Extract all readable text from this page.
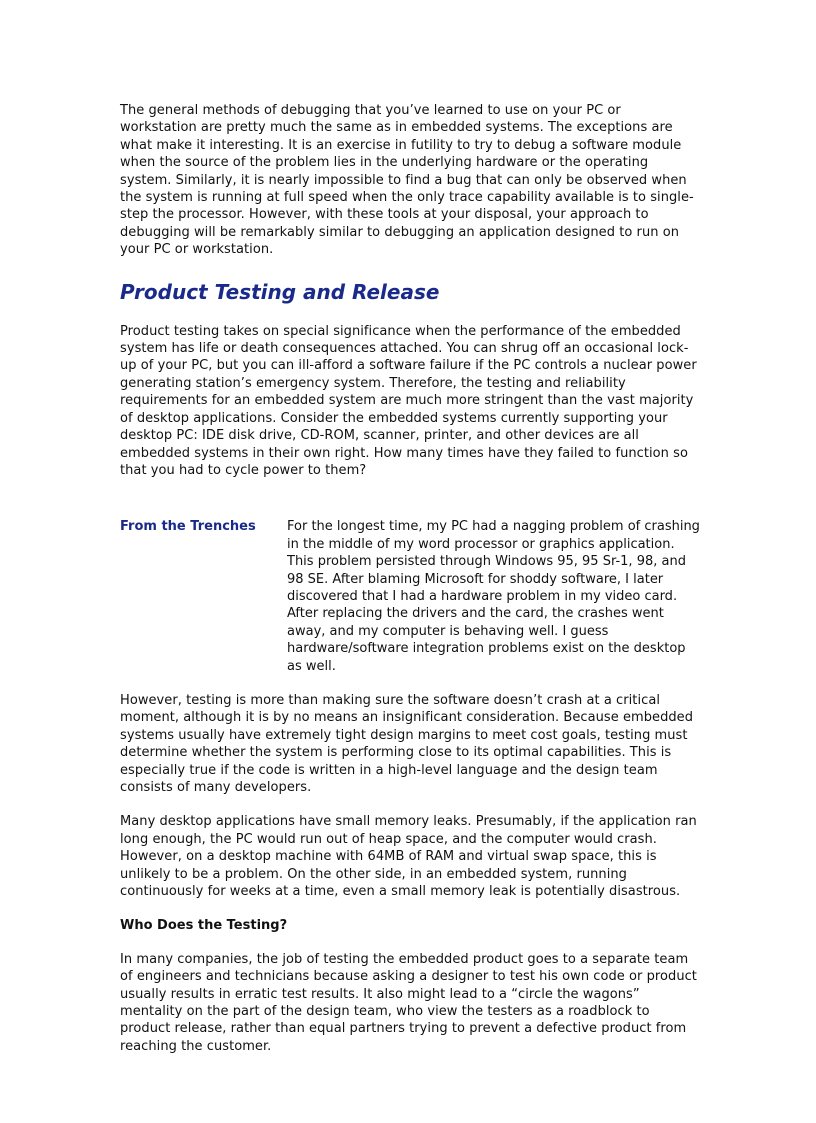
The general methods of debugging that you’ve learned to use on your PC or workstation are pretty much the same as in embedded systems. The exceptions are what make it interesting. It is an exercise in futility to try to debug a software module when the source of the problem lies in the underlying hardware or the operating system. Similarly, it is nearly impossible to find a bug that can only be observed when the system is running at full speed when the only trace capability available is to single-step the processor. However, with these tools at your disposal, your approach to debugging will be remarkably similar to debugging an application designed to run on your PC or workstation.

Product Testing and Release

Product testing takes on special significance when the performance of the embedded system has life or death consequences attached. You can shrug off an occasional lock-up of your PC, but you can ill-afford a software failure if the PC controls a nuclear power generating station’s emergency system. Therefore, the testing and reliability requirements for an embedded system are much more stringent than the vast majority of desktop applications. Consider the embedded systems currently supporting your desktop PC: IDE disk drive, CD-ROM, scanner, printer, and other devices are all embedded systems in their own right. How many times have they failed to function so that you had to cycle power to them?

From the Trenches	For the longest time, my PC had a nagging problem of crashing in the middle of my word processor or graphics application. This problem persisted through Windows 95, 95 Sr-1, 98, and 98 SE. After blaming Microsoft for shoddy software, I later discovered that I had a hardware problem in my video card. After replacing the drivers and the card, the crashes went away, and my computer is behaving well. I guess hardware/software integration problems exist on the desktop as well.

However, testing is more than making sure the software doesn’t crash at a critical moment, although it is by no means an insignificant consideration. Because embedded systems usually have extremely tight design margins to meet cost goals, testing must determine whether the system is performing close to its optimal capabilities. This is especially true if the code is written in a high-level language and the design team consists of many developers.

Many desktop applications have small memory leaks. Presumably, if the application ran long enough, the PC would run out of heap space, and the computer would crash. However, on a desktop machine with 64MB of RAM and virtual swap space, this is unlikely to be a problem. On the other side, in an embedded system, running continuously for weeks at a time, even a small memory leak is potentially disastrous.

Who Does the Testing?

In many companies, the job of testing the embedded product goes to a separate team of engineers and technicians because asking a designer to test his own code or product usually results in erratic test results. It also might lead to a “circle the wagons” mentality on the part of the design team, who view the testers as a roadblock to product release, rather than equal partners trying to prevent a defective product from reaching the customer.
